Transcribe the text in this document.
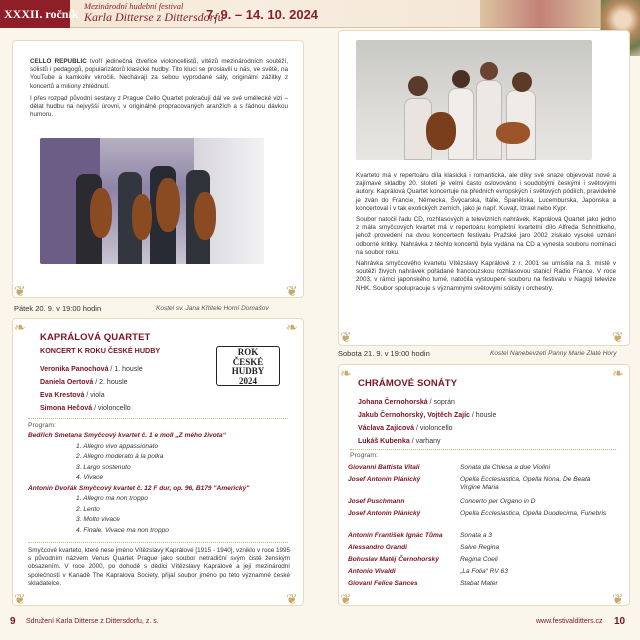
XXXII. ročník
Mezinárodní hudební festival
Karla Ditterse z Dittersdorfu
7. 9. – 14. 10. 2024

CELLO REPUBLIC tvoří jedinečná čtveřice violoncellistů, vítězů mezinárodních soutěží, sólistů i pedagogů, popularizátorů klasické hudby. Tito kluci se proslavili u nás, ve světě, na YouTube a kamkoliv vkročili. Nechávají za sebou vyprodané sály, originální zážitky z koncertů a miliony zhlédnutí.

I přes rozpad původní sestavy z Prague Cello Quartet pokračují dál ve své umělecké vizi – dělat hudbu na nejvyšší úrovni, v originálně propracovaných aranžích a s řádnou dávkou humoru.

❦	❦
Pátek 20. 9. v 19:00 hodin	Kostel sv. Jana Křtitele Horní Domašov
❧	❧
KAPRÁLOVÁ QUARTET
KONCERT K ROKU ČESKÉ HUDBY	ROK
ČESKÉ
HUDBY
2024
Veronika Panochová / 1. housle
Daniela Oertová / 2. housle
Eva Krestová / viola
Simona Hečová / violoncello
Program:
Bedřich Smetana Smyčcový kvartet č. 1 e moll „Z mého života“
1. Allegro vivo appassionato
2. Allegro moderato à la polka
3. Largo sostenuto
4. Vivace
Antonín Dvořák Smyčcový kvartet č. 12 F dur, op. 96, B179 "Americký"
1. Allegro ma non troppo
2. Lento
3. Molto vivace
4. Finale. Vivace ma non troppo

Smyčcové kvarteto, které nese jméno Vítězslavy Kaprálové [1915 - 1940], vzniklo v roce 1995 s původním názvem Venus Quartet Prague jako soubor netradiční svým čistě ženským obsazením. V roce 2000, po dohodě s dědici Vítězslavy Kaprálové a její mezinárodní společností v Kanadě The Kapralova Society, přijal soubor jméno po této významné české skladatelce.

❦	❦

Kvarteto má v repertoáru díla klasická i romantická, ale díky své snaze objevovat nové a zajímavé skladby 20. století je velmi často oslovováno i soudobými českými i světovými autory. Kaprálová Quartet koncertuje na předních evropských i světových pódiích, pravidelně je zván do Francie, Německa, Švýcarska, Itálie, Španělska, Lucemburska, Japonska a koncertoval i v tak exotických zemích, jako je např. Kuvajt, Izrael nebo Kypr.

Soubor natočil řadu CD, rozhlasových a televizních nahrávek. Kaprálová Quartet jako jedno z mála smyčcových kvartet má v repertoáru kompletní kvartetní dílo Alfreda Schnittkeho, jehož provedení na dvou koncertech festivalu Pražské jaro 2002 získalo vysoké uznání odborné kritiky. Nahrávka z těchto koncertů byla vydána na CD a vynesla souboru nominaci na soubor roku.

Nahrávka smyčcového kvartetu Vítězslavy Kaprálové z r. 2001 se umístila na 3. místě v soutěži živých nahrávek pořádané francouzskou rozhlasovou stanicí Radio France. V roce 2003, v rámci japonského turné, natočila vystoupení souboru na festivalu v Nagoji televize NHK. Soubor spolupracuje s významnými světovými sólisty i orchestry.

❦	❦
Sobota 21. 9. v 19:00 hodin	Kostel Nanebevzetí Panny Marie Zlaté Hory
❧	❧
CHRÁMOVÉ SONÁTY
Johana Černohorská / soprán
Jakub Černohorský, Vojtěch Zajíc / housle
Václava Zajícová / violoncello
Lukáš Kubenka / varhany
Program:
Giovanni Battista Vitali	Sonata da Chiesa a due Violini
Josef Antonín Plánický	Opella Ecclesiastica, Opella Nona, De Beata Virgine Maria
Josef Puschmann	Concerto per Organo in D
Josef Antonín Plánický	Opella Ecclesiastica, Opella Duodecima, Funebris
Antonín František Ignác Tůma	Sonata a 3
Alessandro Grandi	Salve Regina
Bohuslav Matěj Černohorský	Regina Coeli
Antonio Vivaldi	„La Folia“ RV 63
Giovani Felice Sances	Stabat Mater
❦	❦
9 Sdružení Karla Ditterse z Dittersdorfu, z. s.	www.festivalditters.cz 10
